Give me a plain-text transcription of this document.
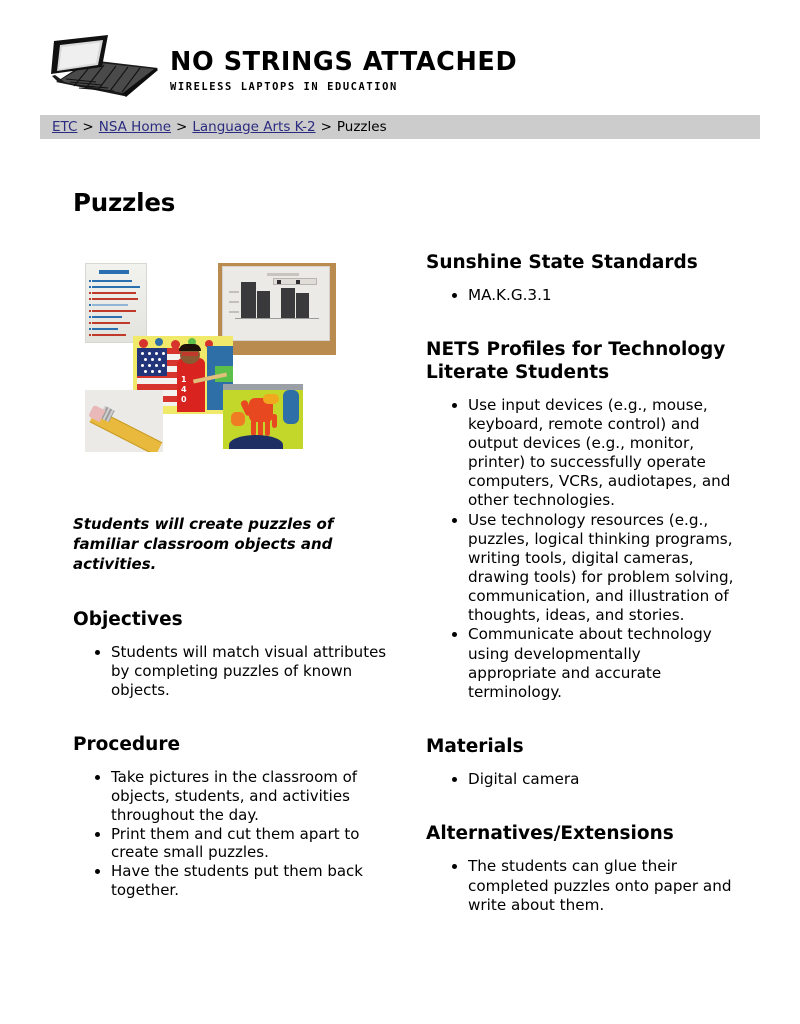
NO STRINGS ATTACHED
WIRELESS LAPTOPS IN EDUCATION
ETC > NSA Home > Language Arts K-2 > Puzzles
Puzzles
1
4
0
Students will create puzzles of familiar classroom objects and activities.
Objectives
• Students will match visual attributes by completing puzzles of known objects.
Procedure
• Take pictures in the classroom of objects, students, and activities throughout the day.
• Print them and cut them apart to create small puzzles.
• Have the students put them back together.
Sunshine State Standards
• MA.K.G.3.1
NETS Profiles for Technology Literate Students
• Use input devices (e.g., mouse, keyboard, remote control) and output devices (e.g., monitor, printer) to successfully operate computers, VCRs, audiotapes, and other technologies.
• Use technology resources (e.g., puzzles, logical thinking programs, writing tools, digital cameras, drawing tools) for problem solving, communication, and illustration of thoughts, ideas, and stories.
• Communicate about technology using developmentally appropriate and accurate terminology.
Materials
• Digital camera
Alternatives/Extensions
• The students can glue their completed puzzles onto paper and write about them.
